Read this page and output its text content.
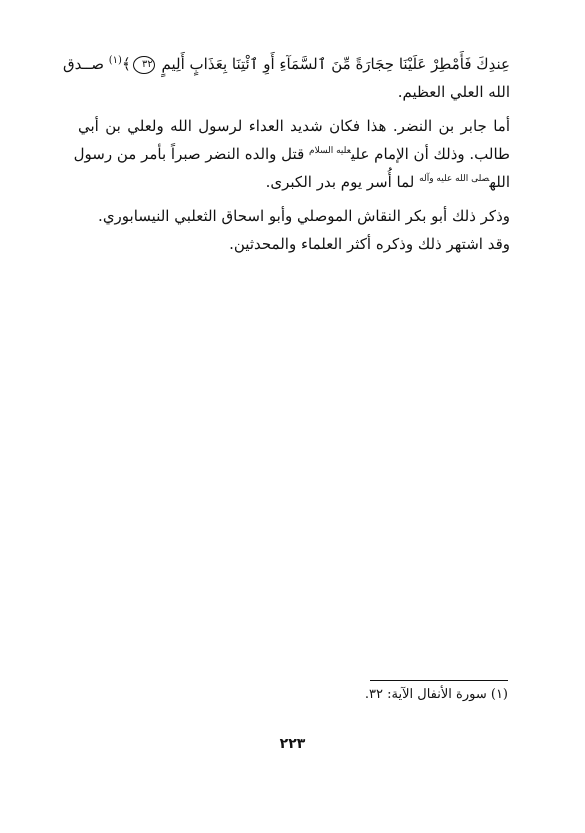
عِندِكَ فَأَمْطِرْ عَلَيْنَا حِجَارَةً مِّنَ ٱلسَّمَآءِ أَوِ ٱئْتِنَا بِعَذَابٍ أَلِيمٍ ٣٢﴾$^{(١)}$ صــدق
الله العلي العظيم.
أما جابر بن النضر. هذا فكان شديد العداء لرسول الله ولعلي بن أبي
طالب. وذلك أن الإمام علي$^{عليه السلام}$ قتل والده النضر صبراً بأمر من رسول
الله$^{صلى الله عليه وآله}$ لما أُسر يوم بدر الكبرى.
وذكر ذلك أبو بكر النقاش الموصلي وأبو اسحاق الثعلبي النيسابوري.
وقد اشتهر ذلك وذكره أكثر العلماء والمحدثين.
(١) سورة الأنفال الآية: ٣٢.
٢٢٣
